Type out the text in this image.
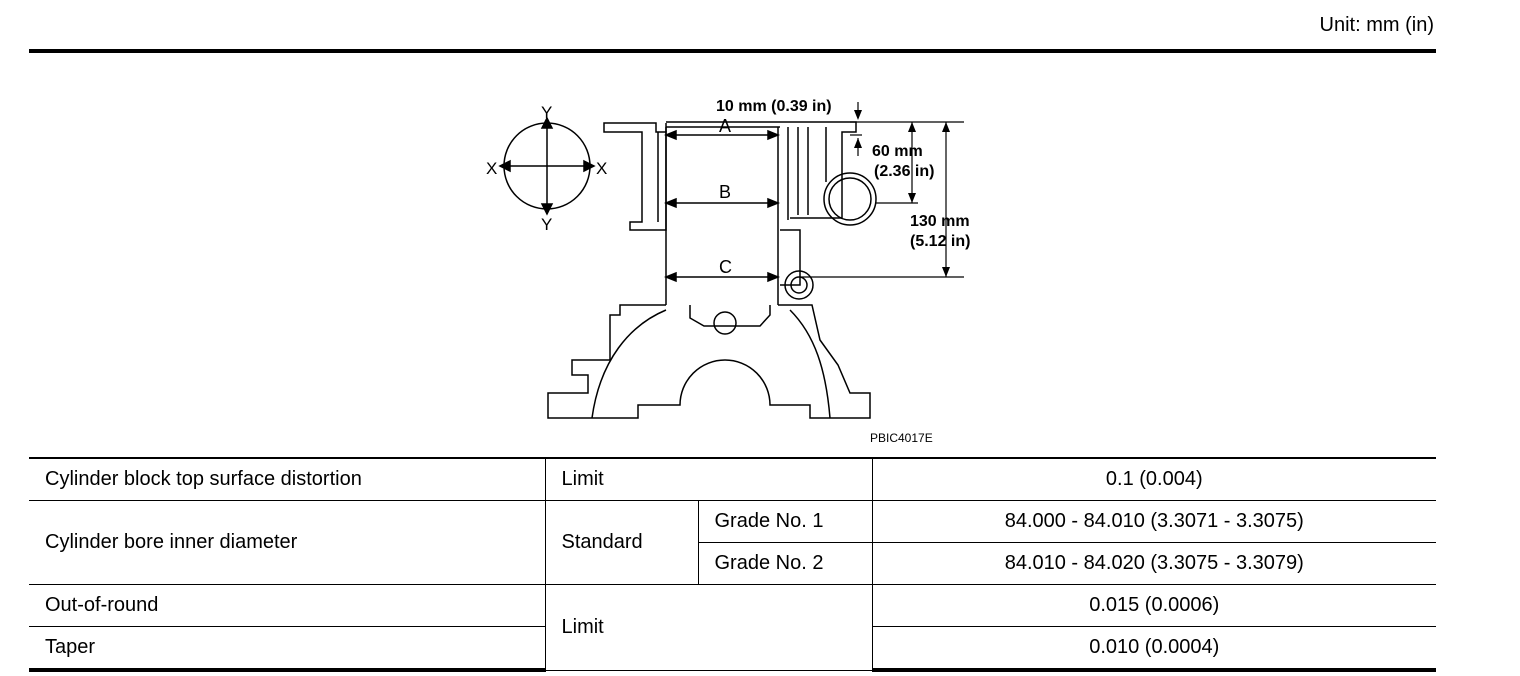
Unit: mm (in)
Y
Y
X	X
A
B
C
10 mm (0.39 in)
60 mm
(2.36 in)
130 mm
(5.12 in)
PBIC4017E
Cylinder block top surface distortion	Limit		0.1 (0.004)
Cylinder bore inner diameter	Standard	Grade No. 1	84.000 - 84.010 (3.3071 - 3.3075)
		Grade No. 2	84.010 - 84.020 (3.3075 - 3.3079)
Out-of-round	Limit		0.015 (0.0006)
Taper			0.010 (0.0004)
